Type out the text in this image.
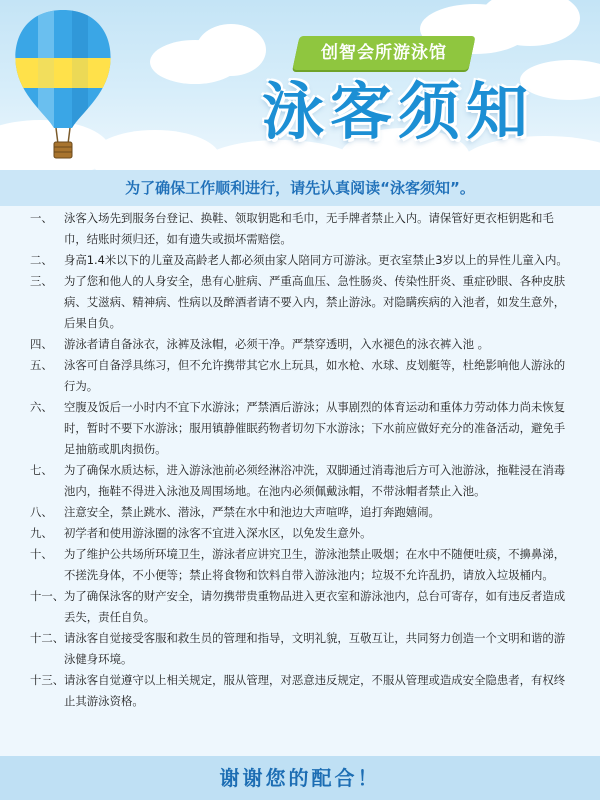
创智会所游泳馆
泳客须知
为了确保工作顺利进行，请先认真阅读“泳客须知”。
一、 泳客入场先到服务台登记、换鞋、领取钥匙和毛巾，无手牌者禁止入内。请保管好更衣柜钥匙和毛巾，结账时须归还，如有遗失或损坏需赔偿。
二、 身高1.4米以下的儿童及高龄老人都必须由家人陪同方可游泳。更衣室禁止3岁以上的异性儿童入内。
三、 为了您和他人的人身安全，患有心脏病、严重高血压、急性肠炎、传染性肝炎、重症砂眼、各种皮肤病、艾滋病、精神病、性病以及醉酒者请不要入内，禁止游泳。对隐瞒疾病的入池者，如发生意外，后果自负。
四、 游泳者请自备泳衣，泳裤及泳帽，必须干净。严禁穿透明，入水褪色的泳衣裤入池 。
五、 泳客可自备浮具练习，但不允许携带其它水上玩具，如水枪、水球、皮划艇等，杜绝影响他人游泳的行为。
六、 空腹及饭后一小时内不宜下水游泳；严禁酒后游泳；从事剧烈的体育运动和重体力劳动体力尚未恢复时，暂时不要下水游泳；服用镇静催眠药物者切勿下水游泳；下水前应做好充分的准备活动，避免手足抽筋或肌肉损伤。
七、 为了确保水质达标，进入游泳池前必须经淋浴冲洗，双脚通过消毒池后方可入池游泳，拖鞋浸在消毒池内，拖鞋不得进入泳池及周围场地。在池内必须佩戴泳帽，不带泳帽者禁止入池。
八、 注意安全，禁止跳水、潜泳，严禁在水中和池边大声喧哗，追打奔跑嬉闹。
九、 初学者和使用游泳圈的泳客不宜进入深水区，以免发生意外。
十、 为了维护公共场所环境卫生，游泳者应讲究卫生，游泳池禁止吸烟；在水中不随便吐痰，不擤鼻涕，不搓洗身体，不小便等；禁止将食物和饮料自带入游泳池内；垃圾不允许乱扔，请放入垃圾桶内。
十一、 为了确保泳客的财产安全，请勿携带贵重物品进入更衣室和游泳池内，总台可寄存，如有违反者造成丢失，责任自负。
十二、 请泳客自觉接受客服和救生员的管理和指导，文明礼貌，互敬互让，共同努力创造一个文明和谐的游泳健身环境。
十三、 请泳客自觉遵守以上相关规定，服从管理，对恶意违反规定，不服从管理或造成安全隐患者，有权终止其游泳资格。
谢谢您的配合！
